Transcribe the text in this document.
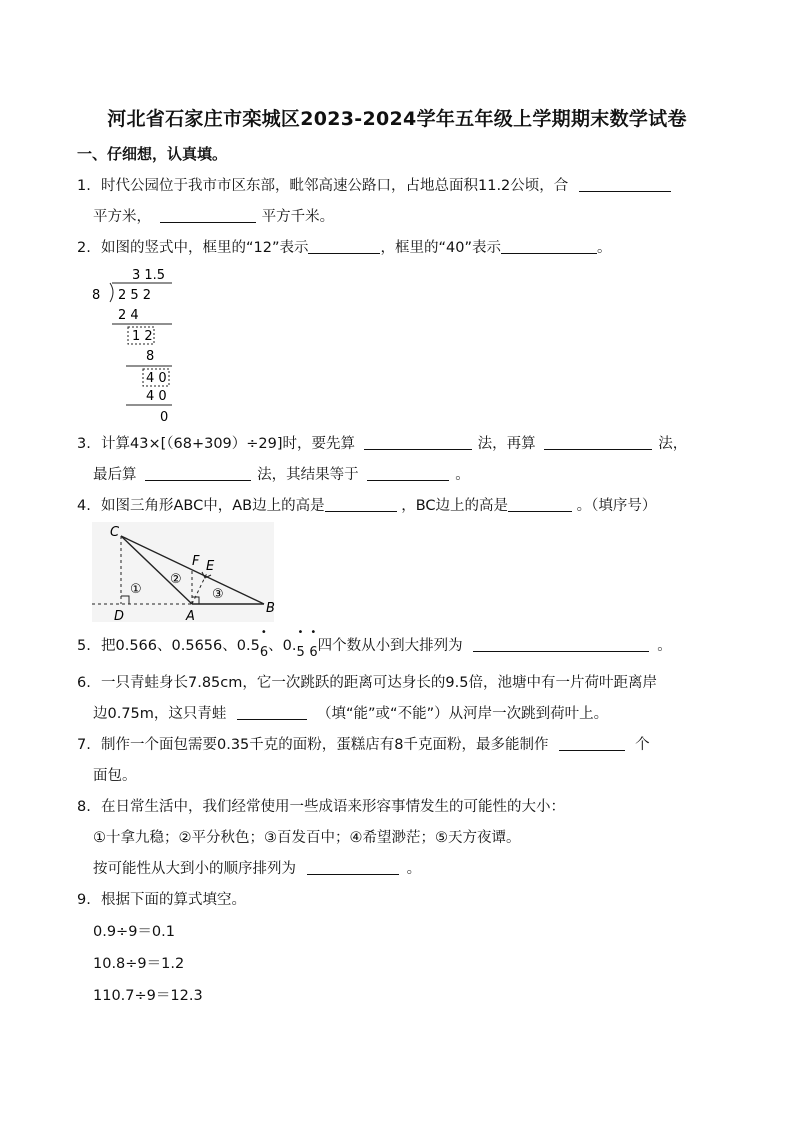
河北省石家庄市栾城区2023-2024学年五年级上学期期末数学试卷
一、仔细想，认真填。
1. 时代公园位于我市市区东部，毗邻高速公路口，占地总面积11.2公顷，合
平方米，	平方千米。
2. 如图的竖式中，框里的“12”表示	，框里的“40”表示	。
3 1.5
8 2 5 2
2 4
1 2
8
4 0
4 0
0
3. 计算43×[（68+309）÷29]时，要先算	法，再算	法，
最后算	法，其结果等于	。
4. 如图三角形ABC中，AB边上的高是	，BC边上的高是	。（填序号）
C
D	A
B
F E
①
②
③
5. 把0.566、0.5656、0.5
•
6、0.
•
5
•
6四个数从小到大排列为	。
6. 一只青蛙身长7.85cm，它一次跳跃的距离可达身长的9.5倍，池塘中有一片荷叶距离岸
边0.75m，这只青蛙	（填“能”或“不能”）从河岸一次跳到荷叶上。
7. 制作一个面包需要0.35千克的面粉，蛋糕店有8千克面粉，最多能制作	个
面包。
8. 在日常生活中，我们经常使用一些成语来形容事情发生的可能性的大小：
①十拿九稳；②平分秋色；③百发百中；④希望渺茫；⑤天方夜谭。
按可能性从大到小的顺序排列为	。
9. 根据下面的算式填空。
0.9÷9＝0.1
10.8÷9＝1.2
110.7÷9＝12.3
